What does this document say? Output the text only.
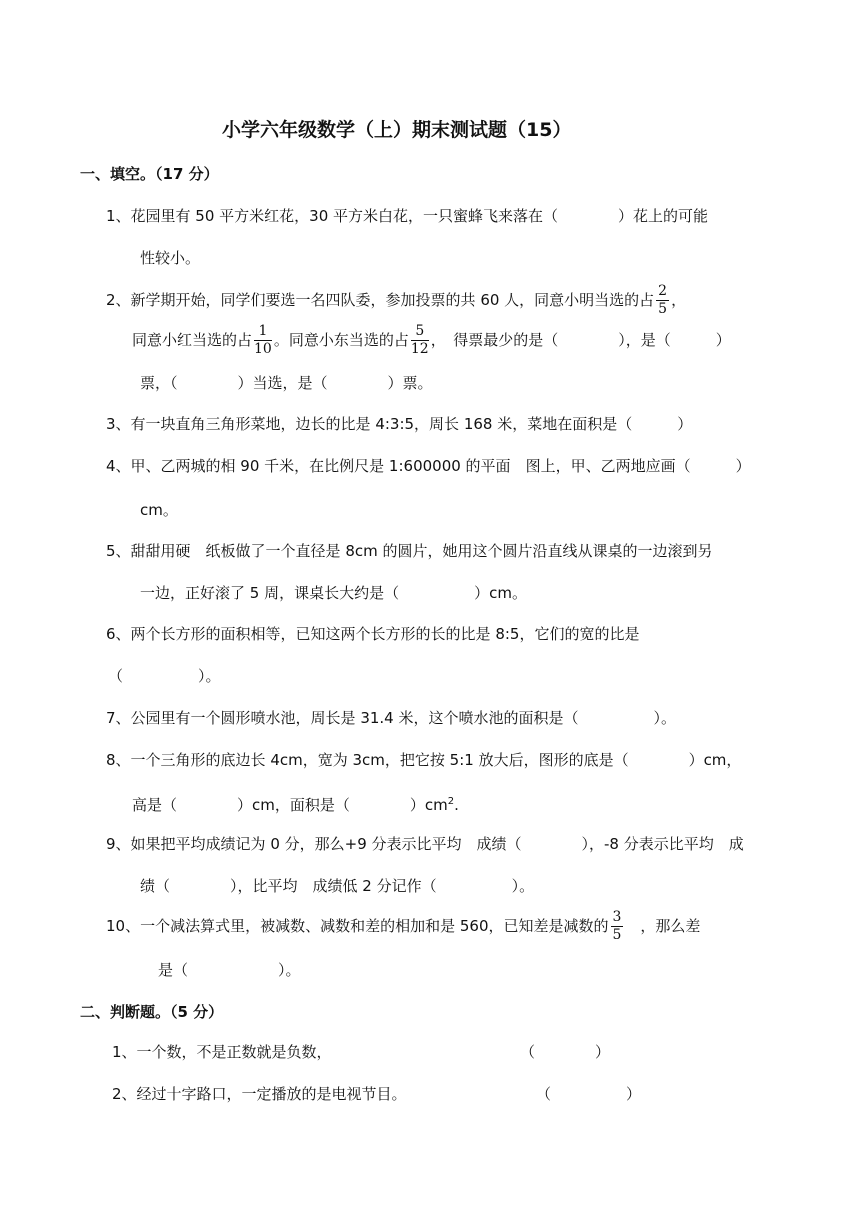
小学六年级数学（上）期末测试题（15）
一、填空。（17 分）
1、花园里有 50 平方米红花，30 平方米白花，一只蜜蜂飞来落在（　　　　）花上的可能
性较小。
2、新学期开始，同学们要选一名四队委，参加投票的共 60 人，同意小明当选的占 $\frac{2}{5}$ ，
同意小红当选的占 $\frac{1}{10}$ 。同意小东当选的占 $\frac{5}{12}$ ，　得票最少的是（　　　　），是（　　　）
票，（　　　　）当选，是（　　　　）票。
3、有一块直角三角形菜地，边长的比是 4:3:5，周长 168 米，菜地在面积是（　　　）
4、甲、乙两城的相 90 千米，在比例尺是 1:600000 的平面　图上，甲、乙两地应画（　　　）
cm。
5、甜甜用硬　纸板做了一个直径是 8cm 的圆片，她用这个圆片沿直线从课桌的一边滚到另
一边，正好滚了 5 周，课桌长大约是（　　　　　）cm。
6、两个长方形的面积相等，已知这两个长方形的长的比是 8:5，它们的宽的比是
（　　　　　）。
7、公园里有一个圆形喷水池，周长是 31.4 米，这个喷水池的面积是（　　　　　）。
8、一个三角形的底边长 4cm，宽为 3cm，把它按 5:1 放大后，图形的底是（　　　　）cm，
高是（　　　　）cm，面积是（　　　　）$cm^2$.
9、如果把平均成绩记为 0 分，那么+9 分表示比平均　成绩（　　　　），-8 分表示比平均　成
绩（　　　　），比平均　成绩低 2 分记作（　　　　　）。
10、一个减法算式里，被减数、减数和差的相加和是 560，已知差是减数的 $\frac{3}{5}$ 　，那么差
是（　　　　　　）。
二、判断题。（5 分）
1、一个数，不是正数就是负数，	（　　　　）
2、经过十字路口，一定播放的是电视节目。	（　　　　　）
